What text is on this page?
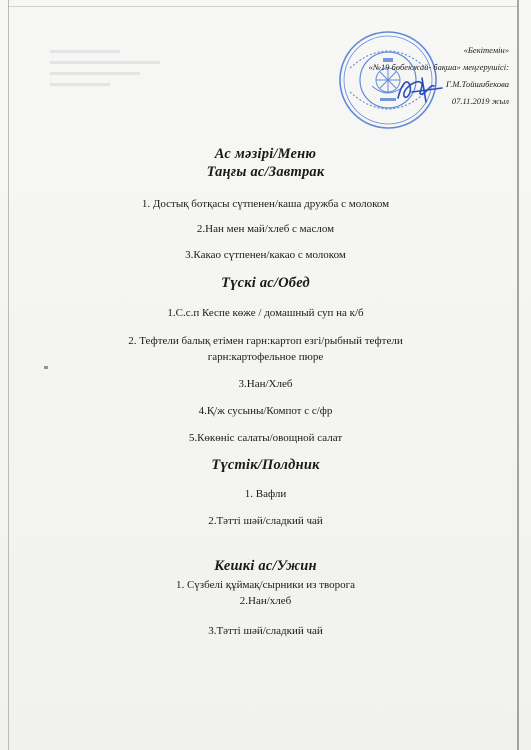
«Бекітемін»
«№19 бөбекжай- бақша» меңгерушісі:
Г.М.Тойшибекова
07.11.2019 жыл
Ас мәзірі/Меню
Таңғы ас/Завтрак
1. Достық ботқасы сүтпенен/каша дружба с молоком
2.Нан мен май/хлеб с маслом
3.Какао сүтпенен/какао с молоком
Түскі ас/Обед
1.С.с.п Кеспе көже / домашный суп на к/б
2. Тефтели балық етімен гарн:картоп езгі/рыбный тефтели
гарн:картофельное пюре
3.Нан/Хлеб
4.Қ/ж сусыны/Компот с с/фр
5.Көкөніс салаты/овощной салат
Түстік/Полдник
1. Вафли
2.Тәтті шәй/сладкий чай
Кешкі ас/Ужин
1. Сүзбелі құймақ/сырники из творога
2.Нан/хлеб
3.Тәтті шәй/сладкий чай
